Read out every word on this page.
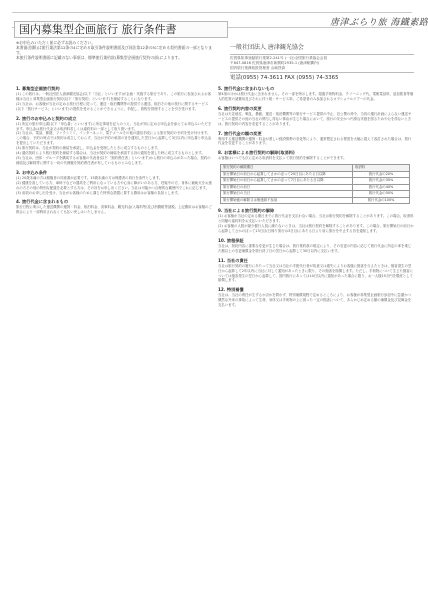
国内募集型企画旅行 旅行条件書	唐津ぶらり旅 海鐵素路

※お申込みいただく前に必ずお読みください。

本書面(別紙)は旅行業法第12条の4に定める取引条件説明書面及び同法第12条の5に定める契約書面の一部となります。

本旅行条件説明書面に記載のない事項は、標準旅行業約款(募集型企画旅行契約の部)によります。

一般社団法人 唐津観光協会
佐賀県知事登録旅行業第2-241号 (一社)全国旅行業協会会員
〒847-0816 佐賀県唐津市新興町2935-1 (唐津駅構内)
国内旅行業務取扱管理者 山崎啓資
電話(0955) 74-3611 FAX (0955) 74-3365
1. 募集型企画旅行契約

(1) この旅行は、一般社団法人唐津観光協会(以下「当社」といいます)が企画・実施する旅行であり、この旅行に参加されるお客様は当社と募集型企画旅行契約(以下「旅行契約」といいます)を締結することになります。

(2) 当社は、お客様が当社の定める旅行日程に従って、運送・宿泊機関等の提供する運送、宿泊その他の旅行に関するサービス(以下「旅行サービス」といいます)の提供を受けることができるように、手配し、旅程を管理することを引き受けます。

2. 旅行のお申込みと契約の成立

(1) 所定の旅行申込書(以下「申込書」といいます)に所定事項を記入のうえ、当社が別に定める申込金を添えてお申込みいただきます。申込金は旅行代金又は取消料若しくは違約料の一部として取り扱います。

(2) 当社は、電話、郵便、ファクシミリ、インターネット、電子メールその他の通信手段による旅行契約の予約を受け付けます。この場合、予約の時点では契約は成立しておらず、当社が予約の承諾の旨を通知した翌日から起算して3日以内に申込書と申込金を提出していただきます。

(3) 旅行契約は、当社が契約の締結を承諾し、申込金を受理したときに成立するものとします。

(4) 通信契約により旅行契約を締結する場合は、当社が契約の締結を承諾する旨の通知を発した時に成立するものとします。

(5) 当社は、団体・グループを構成するお客様の代表者(以下「契約責任者」といいます)から旅行の申込みがあった場合、契約の締結及び解除等に関する一切の代理権を契約責任者が有しているものとみなします。

3. お申込み条件

(1) 20歳未満の方は親権者の同意書が必要です。15歳未満の方は保護者の同行を条件とします。

(2) 健康を害している方、車椅子などの器具をご利用になっている方や心身に障がいのある方、妊娠中の方、身体に補助犬をお連れの方その他の特別な配慮を必要とする方は、その旨をお申し出ください。当社は可能かつ合理的な範囲内でこれに応じます。

(3) 前項のお申し出を受け、当社がお客様のために講じた特別な措置に要する費用はお客様の負担とします。

4. 旅行代金に含まれるもの

旅行日程に明示した運送機関の運賃・料金、宿泊料金、食事料金、観光料金(入場料等)及び消費税等諸税。上記費用はお客様のご都合により一部利用されなくても払い戻しはいたしません。

5. 旅行代金に含まれないもの

第4項のほかは旅行代金に含まれません。その一部を例示します。超過手荷物料金、クリーニング代、電報電話料、追加飲食等個人的性質の諸費用及びそれに伴う税・サービス料、ご希望者のみ参加されるオプショナルツアーの代金。

6. 旅行契約内容の変更

当社は天災地変、戦乱、暴動、運送・宿泊機関等の旅行サービス提供の中止、官公署の命令、当初の運行計画によらない運送サービスの提供その他の当社の関与し得ない事由が生じた場合において、旅行の安全かつ円滑な実施を図るためやむを得ないときは、旅行契約の内容を変更することがあります。

7. 旅行代金の額の変更

利用する運送機関の運賃・料金が著しい経済情勢の変化等により、通常想定される程度を大幅に超えて改訂された場合は、旅行代金を変更することがあります。

8. お客様による旅行契約の解除(取消料)

お客様はいつでも次に定める取消料を支払って旅行契約を解除することができます。

旅行契約の解除期日	取消料
旅行開始日の前日から起算してさかのぼって20日目にあたる日以降	旅行代金の20%
旅行開始日の前日から起算してさかのぼって7日目にあたる日以降	旅行代金の30%
旅行開始日の前日	旅行代金の40%
旅行開始日の当日	旅行代金の50%
旅行開始後の解除又は無連絡不参加	旅行代金の100%
9. 当社による旅行契約の解除

(1) お客様が当社の定める期日までに旅行代金を支払わない場合、当社は旅行契約を解除することがあります。この場合、取消料と同額の違約料をお支払いいただきます。

(2) お客様の人数が最少催行人員に満たないときは、当社は旅行契約を解除することがあります。この場合、旅行開始日の前日から起算してさかのぼって13日目(日帰り旅行は3日目)にあたる日より前に旅行を中止する旨を通知します。

10. 旅程保証

当社は、契約内容に重要な変更が生じた場合は、旅行業約款の規定により、その変更の内容に応じて旅行代金に所定の率を乗じた額以上の変更補償金を旅行終了日の翌日から起算して30日以内に支払います。

11. 当社の責任

当社は旅行契約の履行にあたって当社又は当社の手配代行者が故意又は過失によりお客様に損害を与えたときは、損害発生の翌日から起算して2年以内に当社に対して通知があったときに限り、その損害を賠償します。ただし、手荷物について生じた損害については損害発生の翌日から起算して、国内旅行にあっては14日以内に通知があった場合に限り、お一人様15万円を限度として賠償します。

12. 特別補償

当社は、当社の責任が生ずるか否かを問わず、特別補償規程で定めるところにより、お客様が募集型企画旅行参加中に急激かつ偶然な外来の事故によって生命、身体又は手荷物の上に被った一定の損害について、あらかじめ定める額の補償金及び見舞金を支払います。
